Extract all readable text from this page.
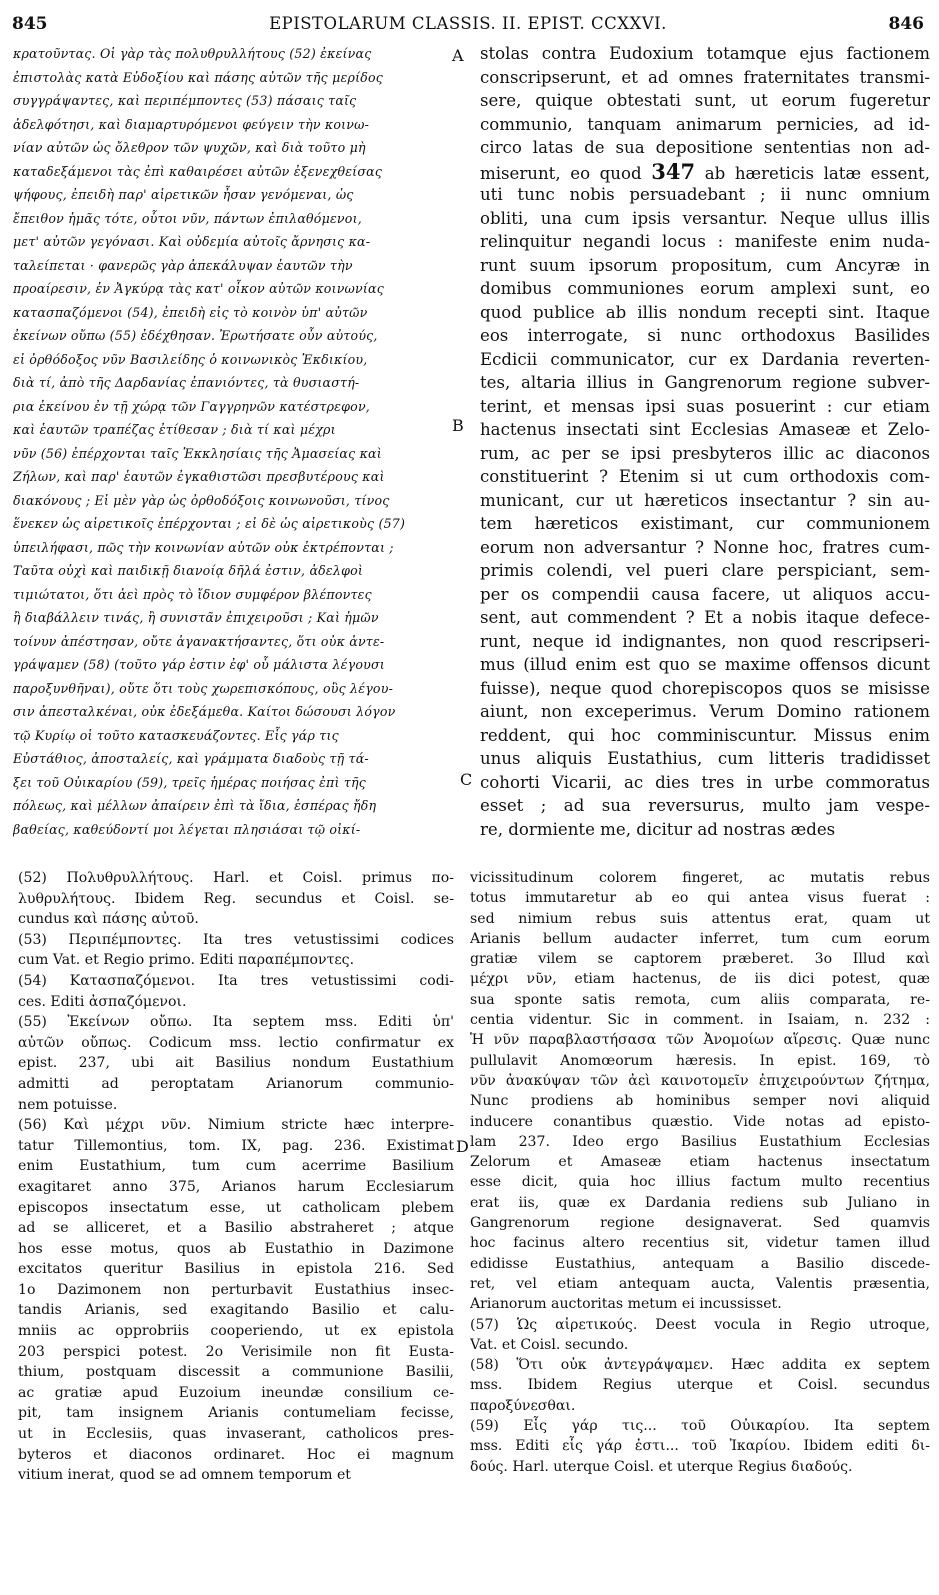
845	EPISTOLARUM CLASSIS. II. EPIST. CCXXVI.	846
κρατοῦντας. Οἱ γὰρ τὰς πολυθρυλλήτους (52) ἐκείνας
ἐπιστολὰς κατὰ Εὐδοξίου καὶ πάσης αὐτῶν τῆς μερίδος
συγγράψαντες, καὶ περιπέμποντες (53) πάσαις ταῖς
ἀδελφότησι, καὶ διαμαρτυρόμενοι φεύγειν τὴν κοινω-
νίαν αὐτῶν ὡς ὄλεθρον τῶν ψυχῶν, καὶ διὰ τοῦτο μὴ
καταδεξάμενοι τὰς ἐπὶ καθαιρέσει αὐτῶν ἐξενεχθείσας
ψήφους, ἐπειδὴ παρ' αἱρετικῶν ἦσαν γενόμεναι, ὡς
ἔπειθον ἡμᾶς τότε, οὗτοι νῦν, πάντων ἐπιλαθόμενοι,
μετ' αὐτῶν γεγόνασι. Καὶ οὐδεμία αὐτοῖς ἄρνησις κα-
ταλείπεται · φανερῶς γὰρ ἀπεκάλυψαν ἑαυτῶν τὴν
προαίρεσιν, ἐν Ἀγκύρᾳ τὰς κατ' οἶκον αὐτῶν κοινωνίας
κατασπαζόμενοι (54), ἐπειδὴ εἰς τὸ κοινὸν ὑπ' αὐτῶν
ἐκείνων οὔπω (55) ἐδέχθησαν. Ἐρωτήσατε οὖν αὐτούς,
εἰ ὀρθόδοξος νῦν Βασιλείδης ὁ κοινωνικὸς Ἐκδικίου,
διὰ τί, ἀπὸ τῆς Δαρδανίας ἐπανιόντες, τὰ θυσιαστή-
ρια ἐκείνου ἐν τῇ χώρᾳ τῶν Γαγγρηνῶν κατέστρεφον,
καὶ ἑαυτῶν τραπέζας ἐτίθεσαν ; διὰ τί καὶ μέχρι
νῦν (56) ἐπέρχονται ταῖς Ἐκκλησίαις τῆς Ἀμασείας καὶ
Ζήλων, καὶ παρ' ἑαυτῶν ἐγκαθιστῶσι πρεσβυτέρους καὶ
διακόνους ; Εἰ μὲν γὰρ ὡς ὀρθοδόξοις κοινωνοῦσι, τίνος
ἕνεκεν ὡς αἱρετικοῖς ἐπέρχονται ; εἰ δὲ ὡς αἱρετικοὺς (57)
ὑπειλήφασι, πῶς τὴν κοινωνίαν αὐτῶν οὐκ ἐκτρέπονται ;
Ταῦτα οὐχὶ καὶ παιδικῇ διανοίᾳ δῆλά ἐστιν, ἀδελφοὶ
τιμιώτατοι, ὅτι ἀεὶ πρὸς τὸ ἴδιον συμφέρον βλέποντες
ἢ διαβάλλειν τινάς, ἢ συνιστᾶν ἐπιχειροῦσι ; Καὶ ἡμῶν
τοίνυν ἀπέστησαν, οὔτε ἀγανακτήσαντες, ὅτι οὐκ ἀντε-
γράψαμεν (58) (τοῦτο γάρ ἐστιν ἐφ' οὗ μάλιστα λέγουσι
παροξυνθῆναι), οὔτε ὅτι τοὺς χωρεπισκόπους, οὓς λέγου-
σιν ἀπεσταλκέναι, οὐκ ἐδεξάμεθα. Καίτοι δώσουσι λόγον
τῷ Κυρίῳ οἱ τοῦτο κατασκευάζοντες. Εἷς γάρ τις
Εὐστάθιος, ἀποσταλείς, καὶ γράμματα διαδοὺς τῇ τά-
ξει τοῦ Οὐικαρίου (59), τρεῖς ἡμέρας ποιήσας ἐπὶ τῆς
πόλεως, καὶ μέλλων ἀπαίρειν ἐπὶ τὰ ἴδια, ἑσπέρας ἤδη
βαθείας, καθεύδοντί μοι λέγεται πλησιάσαι τῷ οἰκί-
stolas contra Eudoxium totamque ejus factionem
conscripserunt, et ad omnes fraternitates transmi-
sere, quique obtestati sunt, ut eorum fugeretur
communio, tanquam animarum pernicies, ad id-
circo latas de sua depositione sententias non ad-
miserunt, eo quod 347 ab hæreticis latæ essent,
uti tunc nobis persuadebant ; ii nunc omnium
obliti, una cum ipsis versantur. Neque ullus illis
relinquitur negandi locus : manifeste enim nuda-
runt suum ipsorum propositum, cum Ancyræ in
domibus communiones eorum amplexi sunt, eo
quod publice ab illis nondum recepti sint. Itaque
eos interrogate, si nunc orthodoxus Basilides
Ecdicii communicator, cur ex Dardania reverten-
tes, altaria illius in Gangrenorum regione subver-
terint, et mensas ipsi suas posuerint : cur etiam
hactenus insectati sint Ecclesias Amaseæ et Zelo-
rum, ac per se ipsi presbyteros illic ac diaconos
constituerint ? Etenim si ut cum orthodoxis com-
municant, cur ut hæreticos insectantur ? sin au-
tem hæreticos existimant, cur communionem
eorum non adversantur ? Nonne hoc, fratres cum-
primis colendi, vel pueri clare perspiciant, sem-
per os compendii causa facere, ut aliquos accu-
sent, aut commendent ? Et a nobis itaque defece-
runt, neque id indignantes, non quod rescripseri-
mus (illud enim est quo se maxime offensos dicunt
fuisse), neque quod chorepiscopos quos se misisse
aiunt, non exceperimus. Verum Domino rationem
reddent, qui hoc comminiscuntur. Missus enim
unus aliquis Eustathius, cum litteris tradidisset
cohorti Vicarii, ac dies tres in urbe commoratus
esset ; ad sua reversurus, multo jam vespe-
re, dormiente me, dicitur ad nostras ædes
A
B
C
D
(52) Πολυθρυλλήτους. Harl. et Coisl. primus πο-
λυθρυλήτους. Ibidem Reg. secundus et Coisl. se-
cundus καὶ πάσης αὐτοῦ.
(53) Περιπέμποντες. Ita tres vetustissimi codices
cum Vat. et Regio primo. Editi παραπέμποντες.
(54) Κατασπαζόμενοι. Ita tres vetustissimi codi-
ces. Editi ἀσπαζόμενοι.
(55) Ἐκείνων οὔπω. Ita septem mss. Editi ὑπ'
αὐτῶν οὔπως. Codicum mss. lectio confirmatur ex
epist. 237, ubi ait Basilius nondum Eustathium
admitti ad peroptatam Arianorum communio-
nem potuisse.
(56) Καὶ μέχρι νῦν. Nimium stricte hæc interpre-
tatur Tillemontius, tom. IX, pag. 236. Existimat
enim Eustathium, tum cum acerrime Basilium
exagitaret anno 375, Arianos harum Ecclesiarum
episcopos insectatum esse, ut catholicam plebem
ad se alliceret, et a Basilio abstraheret ; atque
hos esse motus, quos ab Eustathio in Dazimone
excitatos queritur Basilius in epistola 216. Sed
1o Dazimonem non perturbavit Eustathius insec-
tandis Arianis, sed exagitando Basilio et calu-
mniis ac opprobriis cooperiendo, ut ex epistola
203 perspici potest. 2o Verisimile non fit Eusta-
thium, postquam discessit a communione Basilii,
ac gratiæ apud Euzoium ineundæ consilium ce-
pit, tam insignem Arianis contumeliam fecisse,
ut in Ecclesiis, quas invaserant, catholicos pres-
byteros et diaconos ordinaret. Hoc ei magnum
vitium inerat, quod se ad omnem temporum et
vicissitudinum colorem fingeret, ac mutatis rebus
totus immutaretur ab eo qui antea visus fuerat :
sed nimium rebus suis attentus erat, quam ut
Arianis bellum audacter inferret, tum cum eorum
gratiæ vilem se captorem præberet. 3o Illud καὶ
μέχρι νῦν, etiam hactenus, de iis dici potest, quæ
sua sponte satis remota, cum aliis comparata, re-
centia videntur. Sic in comment. in Isaiam, n. 232 :
Ἡ νῦν παραβλαστήσασα τῶν Ἀνομοίων αἵρεσις. Quæ nunc
pullulavit Anomœorum hæresis. In epist. 169, τὸ
νῦν ἀνακύψαν τῶν ἀεὶ καινοτομεῖν ἐπιχειρούντων ζήτημα,
Nunc prodiens ab hominibus semper novi aliquid
inducere conantibus quæstio. Vide notas ad epistο-
lam 237. Ideo ergo Basilius Eustathium Ecclesias
Zelorum et Amaseæ etiam hactenus insectatum
esse dicit, quia hoc illius factum multo recentius
erat iis, quæ ex Dardania rediens sub Juliano in
Gangrenorum regione designaverat. Sed quamvis
hoc facinus altero recentius sit, videtur tamen illud
edidisse Eustathius, antequam a Basilio discede-
ret, vel etiam antequam aucta, Valentis præsentia,
Arianorum auctoritas metum ei incussisset.
(57) Ὡς αἱρετικούς. Deest vocula in Regio utroque,
Vat. et Coisl. secundo.
(58) Ὅτι οὐκ ἀντεγράψαμεν. Hæc addita ex septem
mss. Ibidem Regius uterque et Coisl. secundus
παροξύνεσθαι.
(59) Εἷς γάρ τις... τοῦ Οὐικαρίου. Ita septem
mss. Editi εἷς γάρ ἐστι... τοῦ Ἰκαρίου. Ibidem editi δι-
δούς. Harl. uterque Coisl. et uterque Regius διαδούς.
